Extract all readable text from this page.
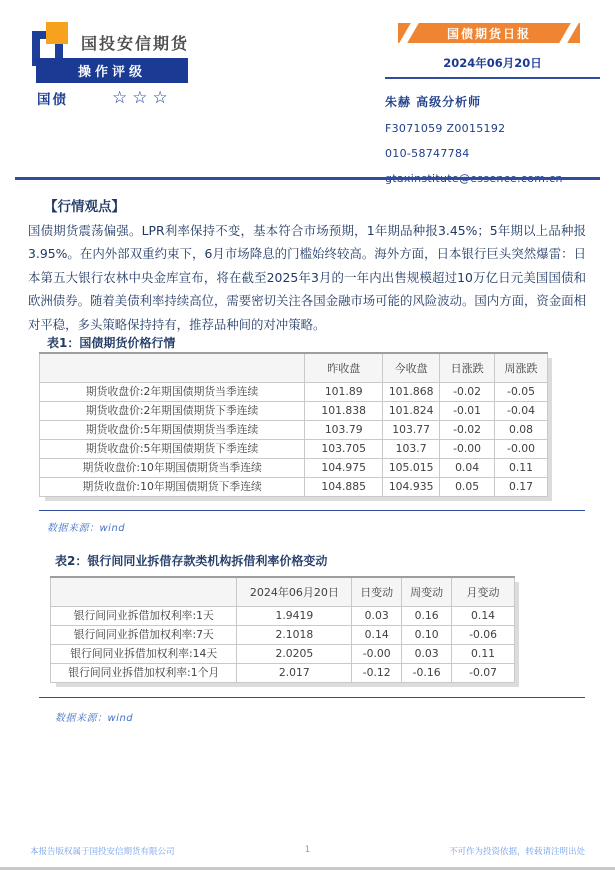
国投安信期货
操作评级
国债	☆☆☆
国债期货日报
2024年06月20日
朱赫 高级分析师
F3071059 Z0015192
010-58747784
【行情观点】
国债期货震荡偏强。LPR利率保持不变，基本符合市场预期，1年期品种报3.45%；5年期以上品种报3.95%。在内外部双重约束下，6月市场降息的门槛始终较高。海外方面，日本银行巨头突然爆雷：日本第五大银行农林中央金库宣布，将在截至2025年3月的一年内出售规模超过10万亿日元美国国债和欧洲债券。随着美债利率持续高位，需要密切关注各国金融市场可能的风险波动。国内方面，资金面相对平稳，多头策略保持持有，推荐品种间的对冲策略。
表1：国债期货价格行情
	昨收盘	今收盘	日涨跌	周涨跌
期货收盘价:2年期国债期货当季连续	101.89	101.868	-0.02	-0.05
期货收盘价:2年期国债期货下季连续	101.838	101.824	-0.01	-0.04
期货收盘价:5年期国债期货当季连续	103.79	103.77	-0.02	0.08
期货收盘价:5年期国债期货下季连续	103.705	103.7	-0.00	-0.00
期货收盘价:10年期国债期货当季连续	104.975	105.015	0.04	0.11
期货收盘价:10年期国债期货下季连续	104.885	104.935	0.05	0.17
数据来源：wind
表2：银行间同业拆借存款类机构拆借利率价格变动
	2024年06月20日	日变动	周变动	月变动
银行间同业拆借加权利率:1天	1.9419	0.03	0.16	0.14
银行间同业拆借加权利率:7天	2.1018	0.14	0.10	-0.06
银行间同业拆借加权利率:14天	2.0205	-0.00	0.03	0.11
银行间同业拆借加权利率:1个月	2.017	-0.12	-0.16	-0.07
数据来源：wind
本报告版权属于国投安信期货有限公司	1	不可作为投资依据，转载请注明出处
